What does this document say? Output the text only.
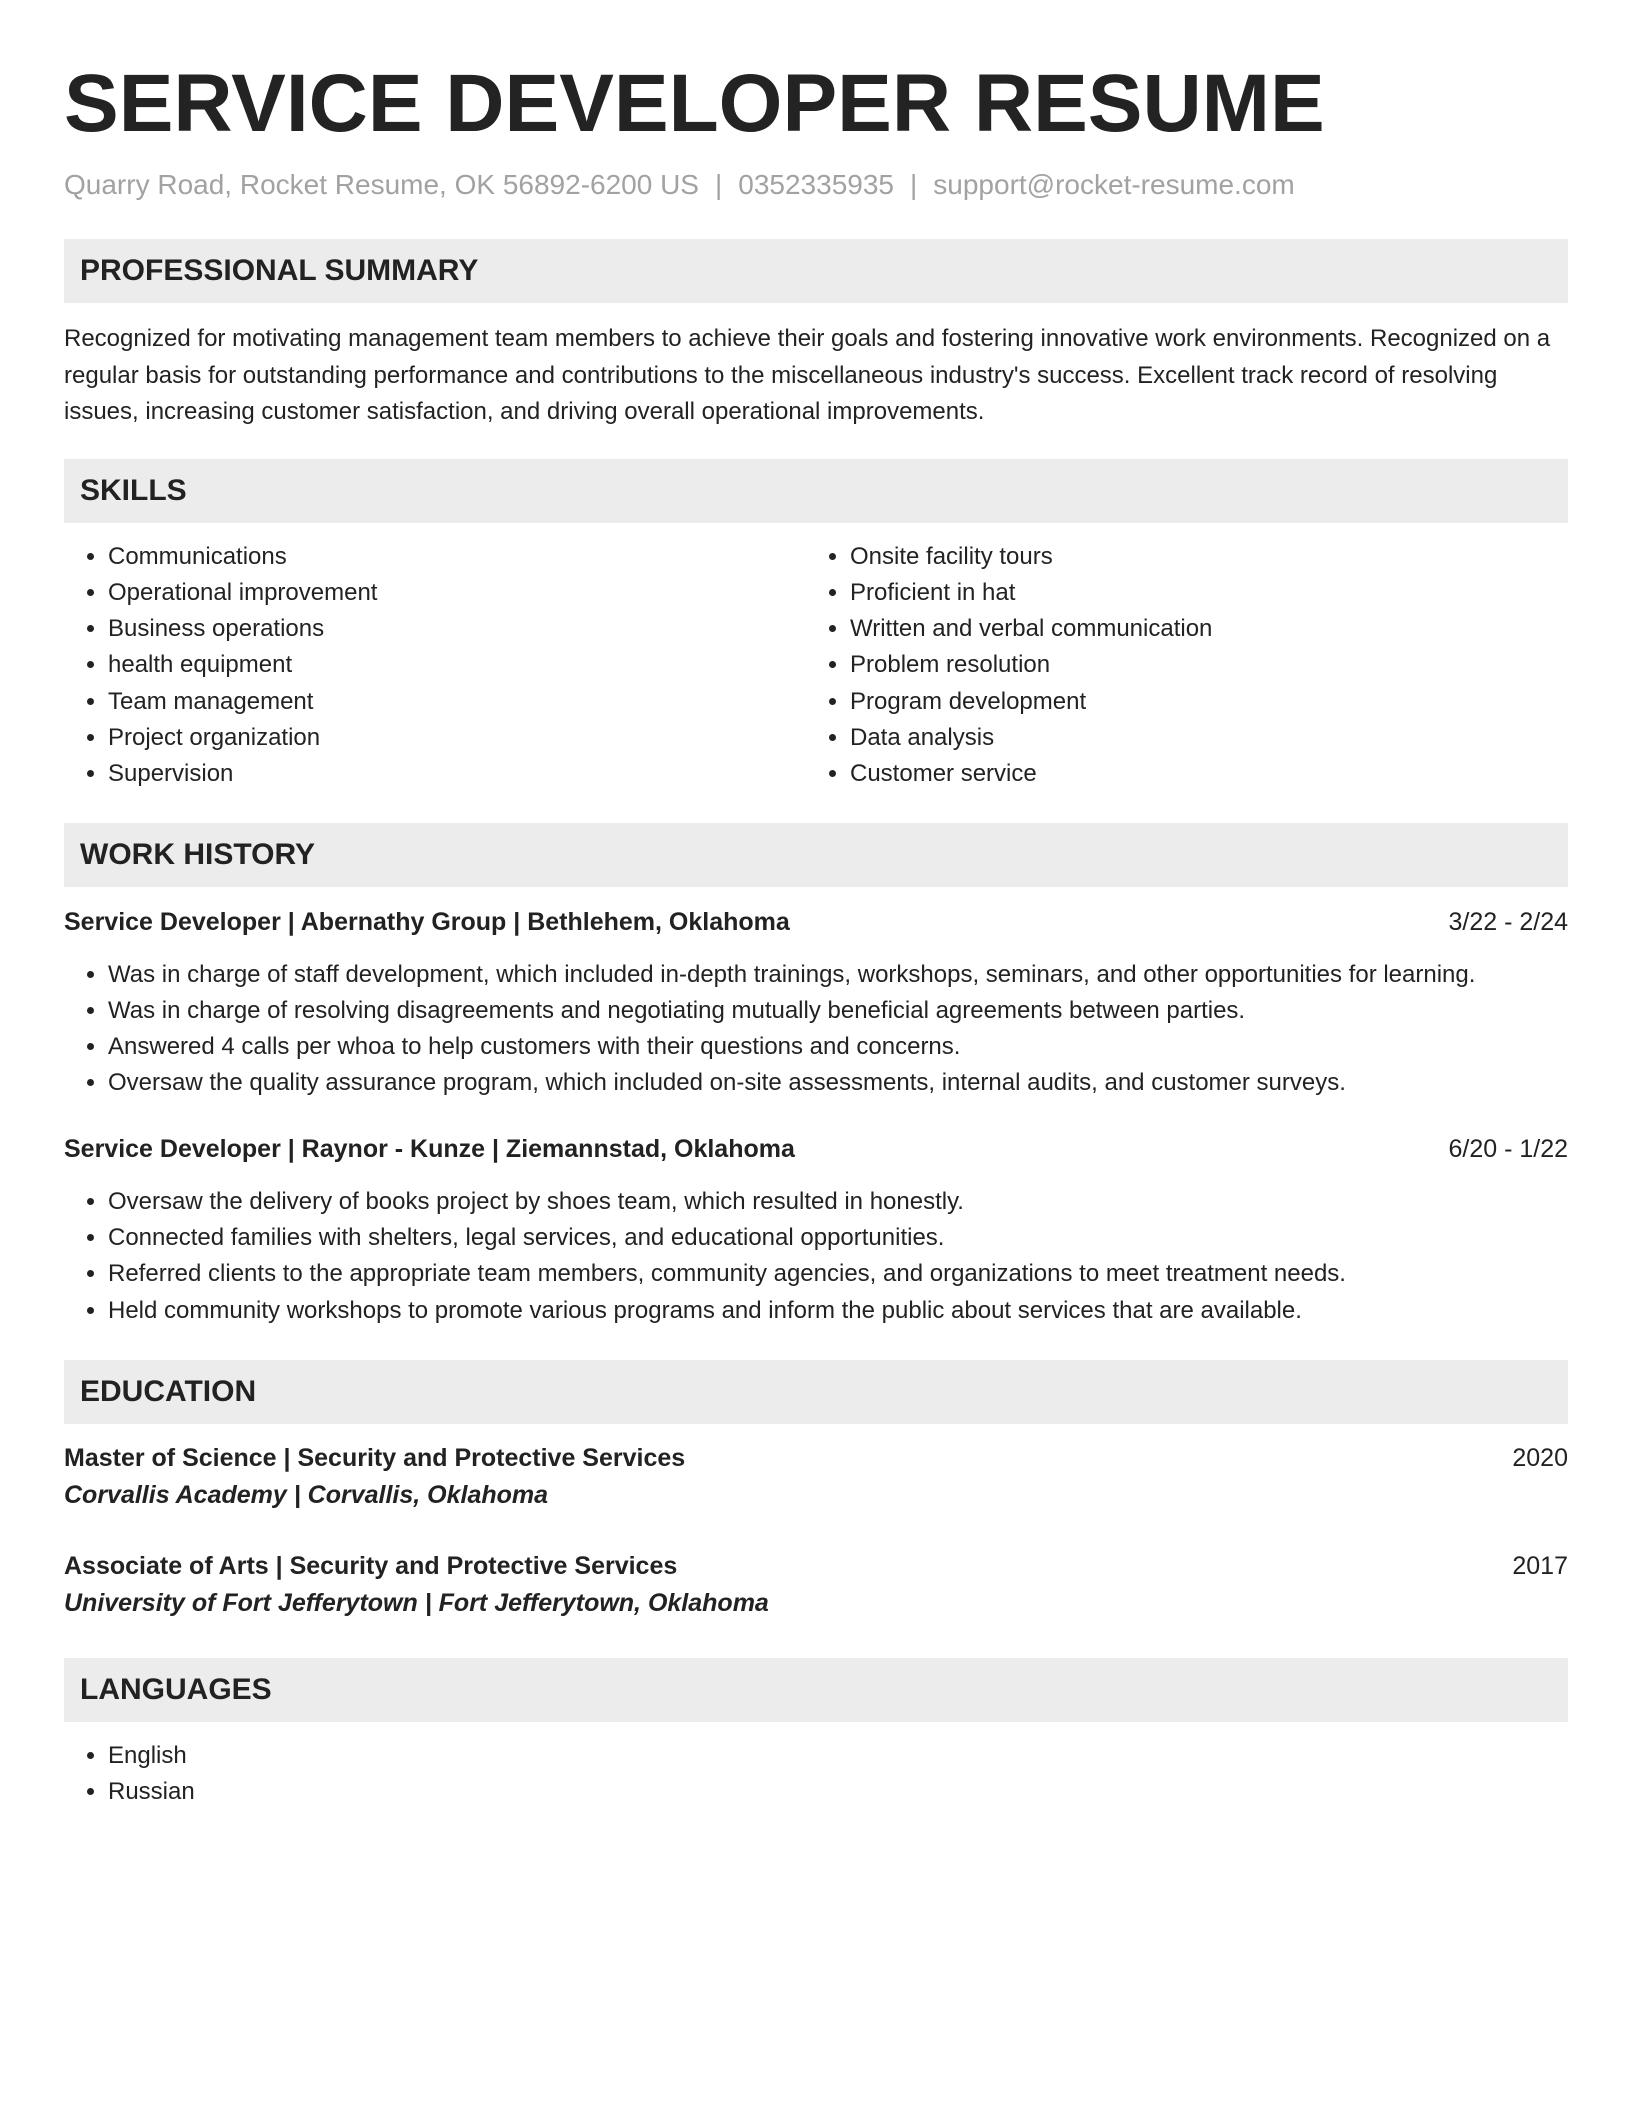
SERVICE DEVELOPER RESUME
Quarry Road, Rocket Resume, OK 56892-6200 US | 0352335935 | support@rocket-resume.com
PROFESSIONAL SUMMARY
Recognized for motivating management team members to achieve their goals and fostering innovative work environments. Recognized on a regular basis for outstanding performance and contributions to the miscellaneous industry's success. Excellent track record of resolving issues, increasing customer satisfaction, and driving overall operational improvements.
SKILLS
• Communications
• Operational improvement
• Business operations
• health equipment
• Team management
• Project organization
• Supervision
• Onsite facility tours
• Proficient in hat
• Written and verbal communication
• Problem resolution
• Program development
• Data analysis
• Customer service
WORK HISTORY
Service Developer | Abernathy Group | Bethlehem, Oklahoma	3/22 - 2/24
• Was in charge of staff development, which included in-depth trainings, workshops, seminars, and other opportunities for learning.
• Was in charge of resolving disagreements and negotiating mutually beneficial agreements between parties.
• Answered 4 calls per whoa to help customers with their questions and concerns.
• Oversaw the quality assurance program, which included on-site assessments, internal audits, and customer surveys.
Service Developer | Raynor - Kunze | Ziemannstad, Oklahoma	6/20 - 1/22
• Oversaw the delivery of books project by shoes team, which resulted in honestly.
• Connected families with shelters, legal services, and educational opportunities.
• Referred clients to the appropriate team members, community agencies, and organizations to meet treatment needs.
• Held community workshops to promote various programs and inform the public about services that are available.
EDUCATION
Master of Science | Security and Protective Services	2020
Corvallis Academy | Corvallis, Oklahoma
Associate of Arts | Security and Protective Services	2017
University of Fort Jefferytown | Fort Jefferytown, Oklahoma
LANGUAGES
• English
• Russian
